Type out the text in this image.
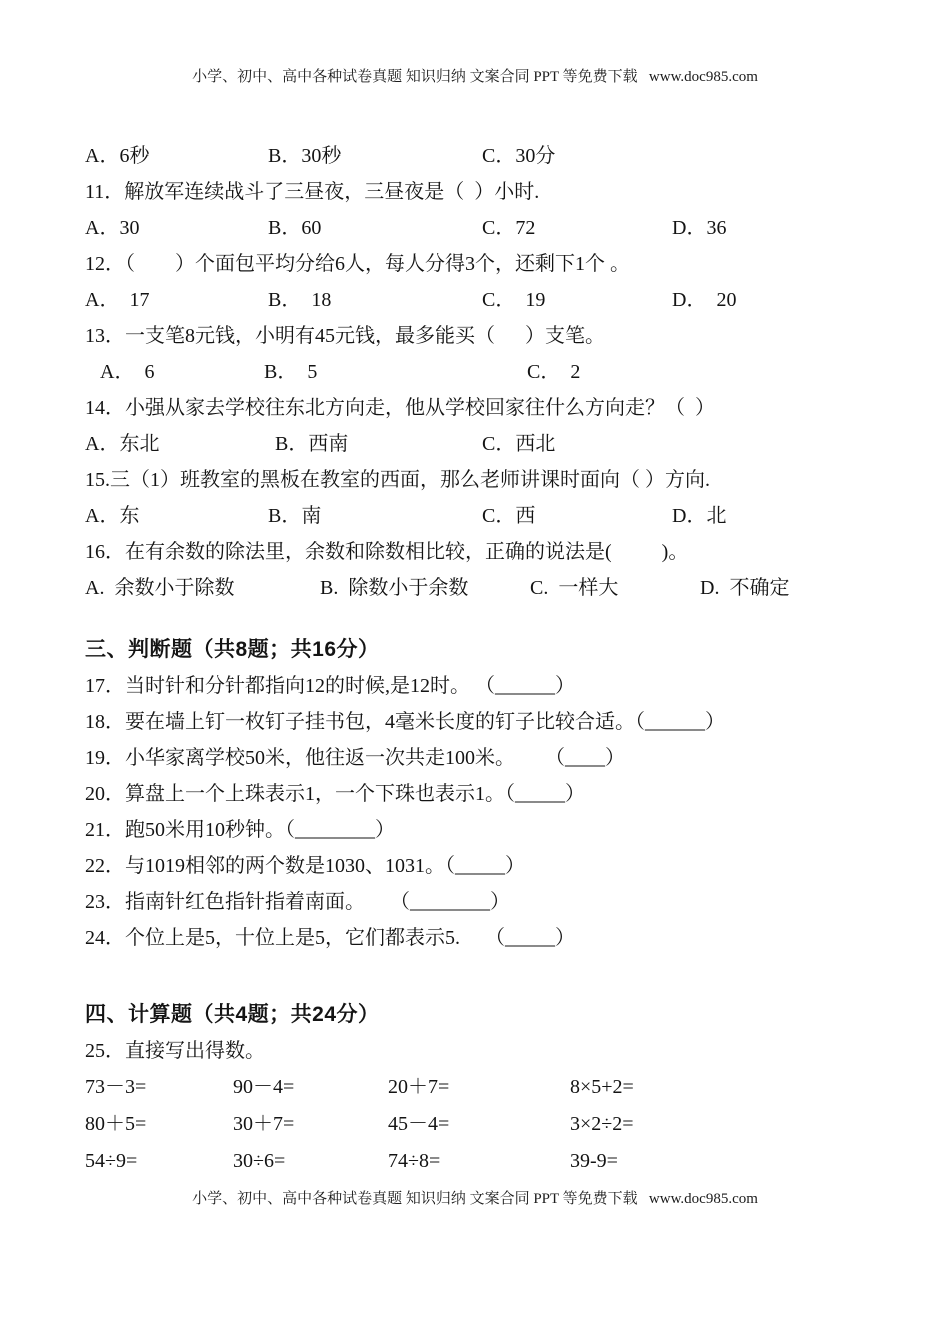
小学、初中、高中各种试卷真题 知识归纳 文案合同 PPT 等免费下载   www.doc985.com

A．6秒

	B．30秒

	C．30分

11．解放军连续战斗了三昼夜，三昼夜是（  ）小时.

A．30

	B．60

	C．72

	D．36

12．（        ）个面包平均分给6人，每人分得3个，还剩下1个 。

A．  17

	B．  18

	C．  19

	D．  20

13．一支笔8元钱，小明有45元钱，最多能买（      ）支笔。

A．  6

	B．  5

	C．  2

14．小强从家去学校往东北方向走，他从学校回家往什么方向走？（  ）

A．东北

	B．西南

	C．西北

15.三（1）班教室的黑板在教室的西面，那么老师讲课时面向（ ）方向.

A．东

	B．南

	C．西

	D．北

16．在有余数的除法里，余数和除数相比较，正确的说法是(          )。

A.  余数小于除数

	B.  除数小于余数

	C.  一样大

	D.  不确定

三、判断题（共8题；共16分）
17．当时针和分针都指向12的时候,是12时。 （______）
18．要在墙上钉一枚钉子挂书包，4毫米长度的钉子比较合适。（______）
19．小华家离学校50米，他往返一次共走100米。      （____）
20．算盘上一个上珠表示1，一个下珠也表示1。（_____）
21．跑50米用10秒钟。（________）
22．与1019相邻的两个数是1030、1031。（_____）
23．指南针红色指针指着南面。     （________）
24．个位上是5，十位上是5，它们都表示5.     （_____）
四、计算题（共4题；共24分）
25．直接写出得数。

73－3=

	90－4=

	20＋7=

	8×5+2=

80＋5=

	30＋7=

	45－4=

	3×2÷2=

54÷9=

	30÷6=

	74÷8=

	39-9=

小学、初中、高中各种试卷真题 知识归纳 文案合同 PPT 等免费下载   www.doc985.com
